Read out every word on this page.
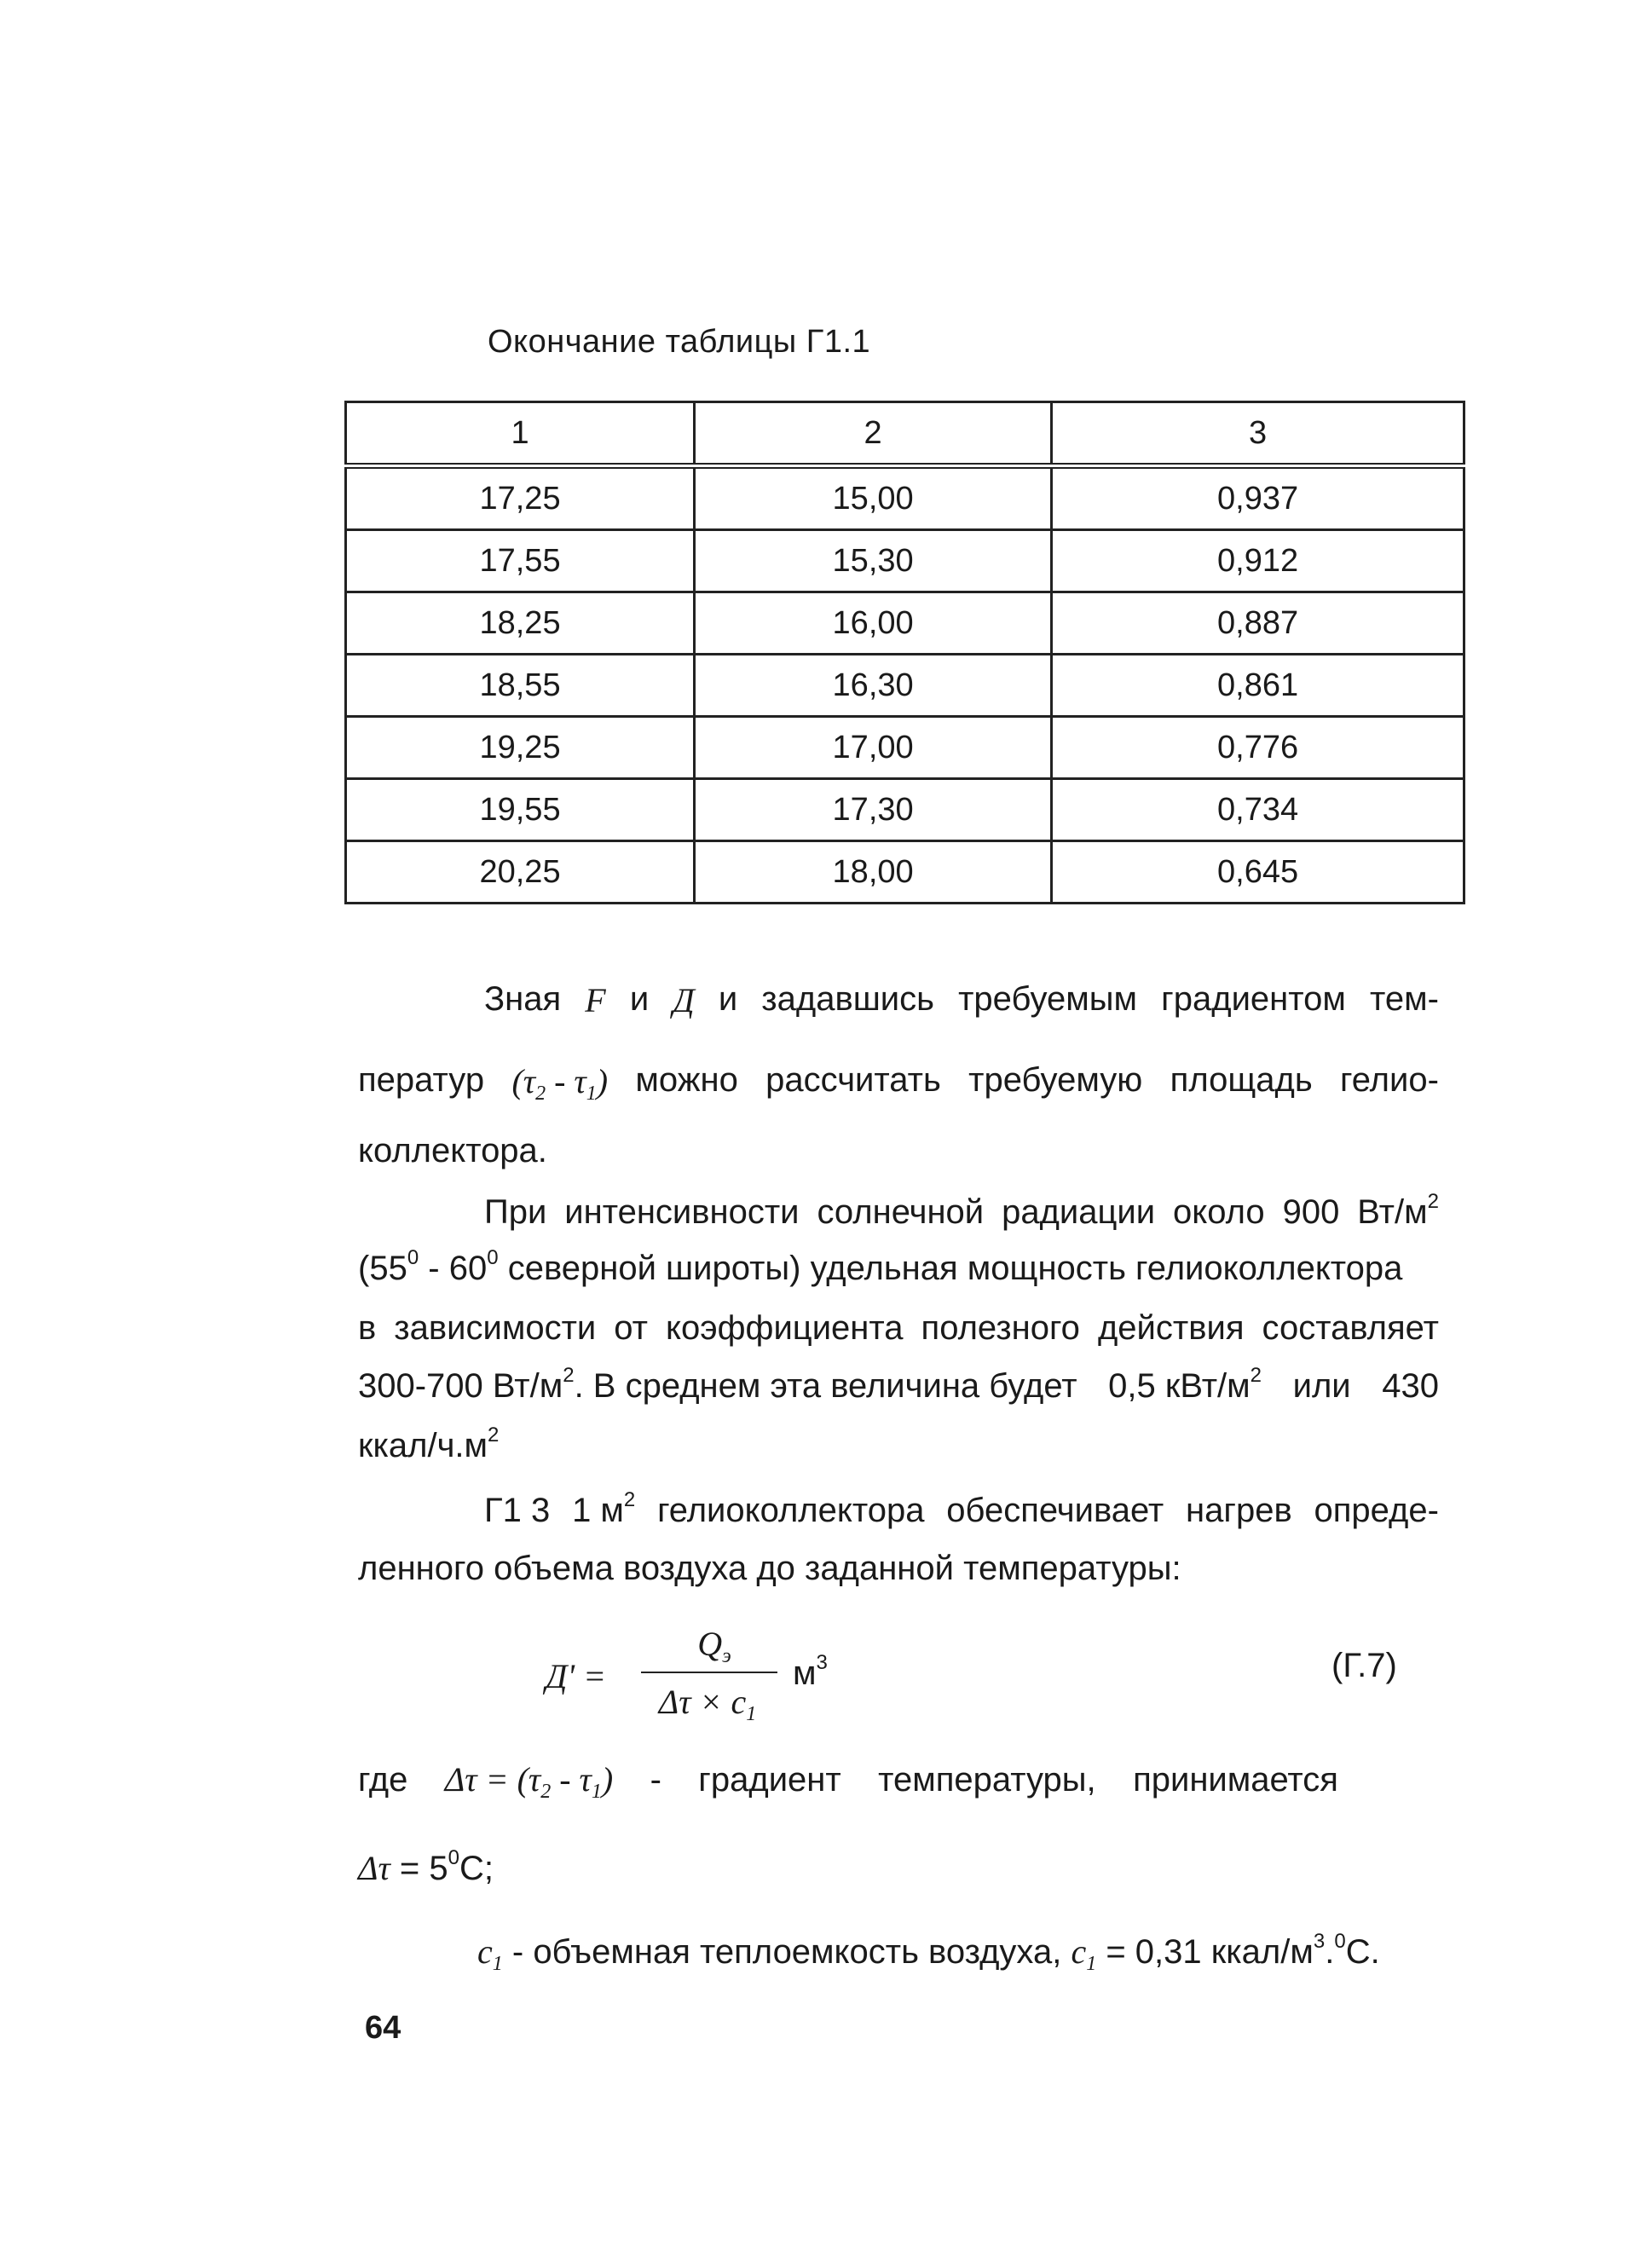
Окончание таблицы Г1.1
1	2	3
17,25	15,00	0,937
17,55	15,30	0,912
18,25	16,00	0,887
18,55	16,30	0,861
19,25	17,00	0,776
19,55	17,30	0,734
20,25	18,00	0,645
Зная F и Д и задавшись требуемым градиентом тем-
ператур $(\tau_2 - \tau_1)$ можно рассчитать требуемую площадь гелио-
коллектора.
При интенсивности солнечной радиации около 900 $Вт/м^2$
($55^0 - 60^0$ северной широты) удельная мощность гелиоколлектора
в зависимости от коэффициента полезного действия составляет
300-700 $Вт/м^2$. В среднем эта величина будет 0,5 кВт/$м^2$ или 430
ккал/$ч.м^2$
Г1 3 1 $м^2$ гелиоколлектора обеспечивает нагрев опреде-
ленного объема воздуха до заданной температуры:
Д' =
$Q_э$
$\Delta\tau \times c_1$
$м^3$	(Г.7)
где $\Delta\tau = (\tau_2 - \tau_1)$ - градиент температуры, принимается
$\Delta\tau = 5^0С$;
$c_1$ - объемная теплоемкость воздуха, $c_1 = 0,31$ ккал/$м^3.^0С$.
64
